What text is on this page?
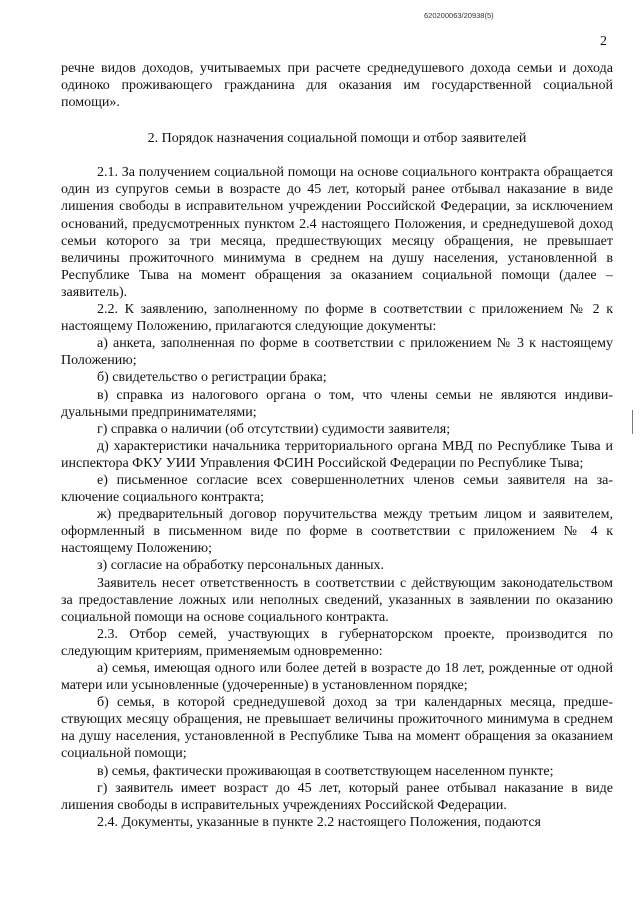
620200063/20938(5)
2

речне видов доходов, учитываемых при расчете среднедушевого дохода семьи и дохода одиноко проживающего гражданина для оказания им государственной социальной помощи».

2. Порядок назначения социальной помощи и отбор заявителей

2.1. За получением социальной помощи на основе социального контракта обращается один из супругов семьи в возрасте до 45 лет, который ранее отбывал наказание в виде лишения свободы в исправительном учреждении Российской Федерации, за исключением оснований, предусмотренных пунктом 2.4 настоящего Положения, и среднедушевой доход семьи которого за три месяца, предшествующих месяцу обращения, не превышает величины прожиточного минимума в среднем на душу населения, установленной в Республике Тыва на момент обращения за оказанием социальной помощи (далее – заявитель).

2.2. К заявлению, заполненному по форме в соответствии с приложением № 2 к настоящему Положению, прилагаются следующие документы:

а) анкета, заполненная по форме в соответствии с приложением № 3 к настоящему Положению;

б) свидетельство о регистрации брака;

в) справка из налогового органа о том, что члены семьи не являются индивидуальными предпринимателями;

г) справка о наличии (об отсутствии) судимости заявителя;

д) характеристики начальника территориального органа МВД по Республике Тыва и инспектора ФКУ УИИ Управления ФСИН Российской Федерации по Республике Тыва;

е) письменное согласие всех совершеннолетних членов семьи заявителя на заключение социального контракта;

ж) предварительный договор поручительства между третьим лицом и заявителем, оформленный в письменном виде по форме в соответствии с приложением № 4 к настоящему Положению;

з) согласие на обработку персональных данных.

Заявитель несет ответственность в соответствии с действующим законодательством за предоставление ложных или неполных сведений, указанных в заявлении по оказанию социальной помощи на основе социального контракта.

2.3. Отбор семей, участвующих в губернаторском проекте, производится по следующим критериям, применяемым одновременно:

а) семья, имеющая одного или более детей в возрасте до 18 лет, рожденные от одной матери или усыновленные (удочеренные) в установленном порядке;

б) семья, в которой среднедушевой доход за три календарных месяца, предшествующих месяцу обращения, не превышает величины прожиточного минимума в среднем на душу населения, установленной в Республике Тыва на момент обращения за оказанием социальной помощи;

в) семья, фактически проживающая в соответствующем населенном пункте;

г) заявитель имеет возраст до 45 лет, который ранее отбывал наказание в виде лишения свободы в исправительных учреждениях Российской Федерации.

2.4. Документы, указанные в пункте 2.2 настоящего Положения, подаются
